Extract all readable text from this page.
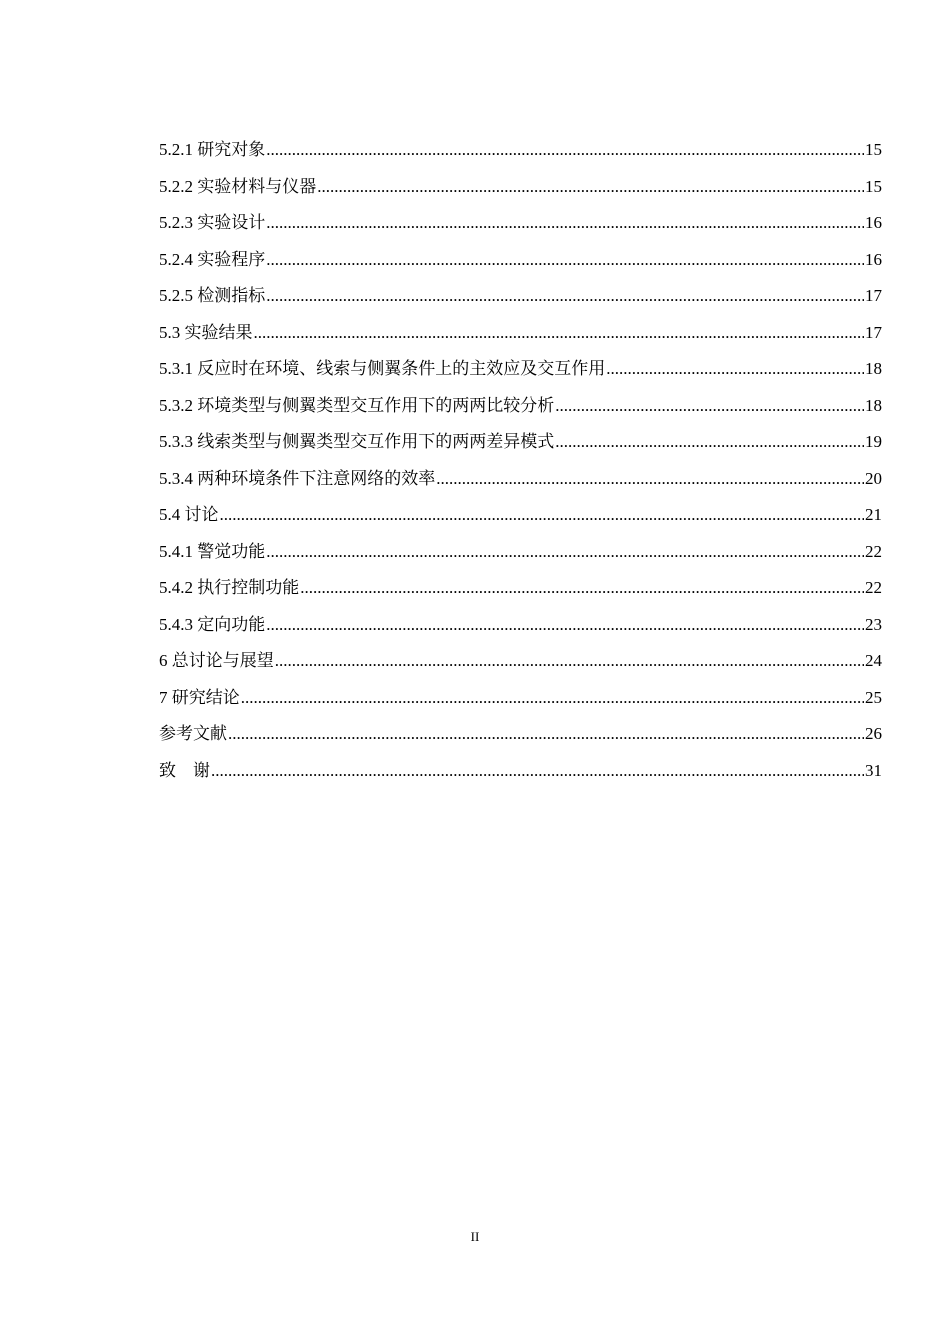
5.2.1 研究对象 .....	15
5.2.2 实验材料与仪器 .....	15
5.2.3 实验设计 .....	16
5.2.4 实验程序 .....	16
5.2.5 检测指标 .....	17
5.3 实验结果 .....	17
5.3.1 反应时在环境、线索与侧翼条件上的主效应及交互作用 .....	18
5.3.2 环境类型与侧翼类型交互作用下的两两比较分析 .....	18
5.3.3 线索类型与侧翼类型交互作用下的两两差异模式 .....	19
5.3.4 两种环境条件下注意网络的效率 .....	20
5.4 讨论 .....	21
5.4.1 警觉功能 .....	22
5.4.2 执行控制功能 .....	22
5.4.3 定向功能 .....	23
6 总讨论与展望 .....	24
7 研究结论 .....	25
参考文献 .....	26
致　谢 .....	31
II
